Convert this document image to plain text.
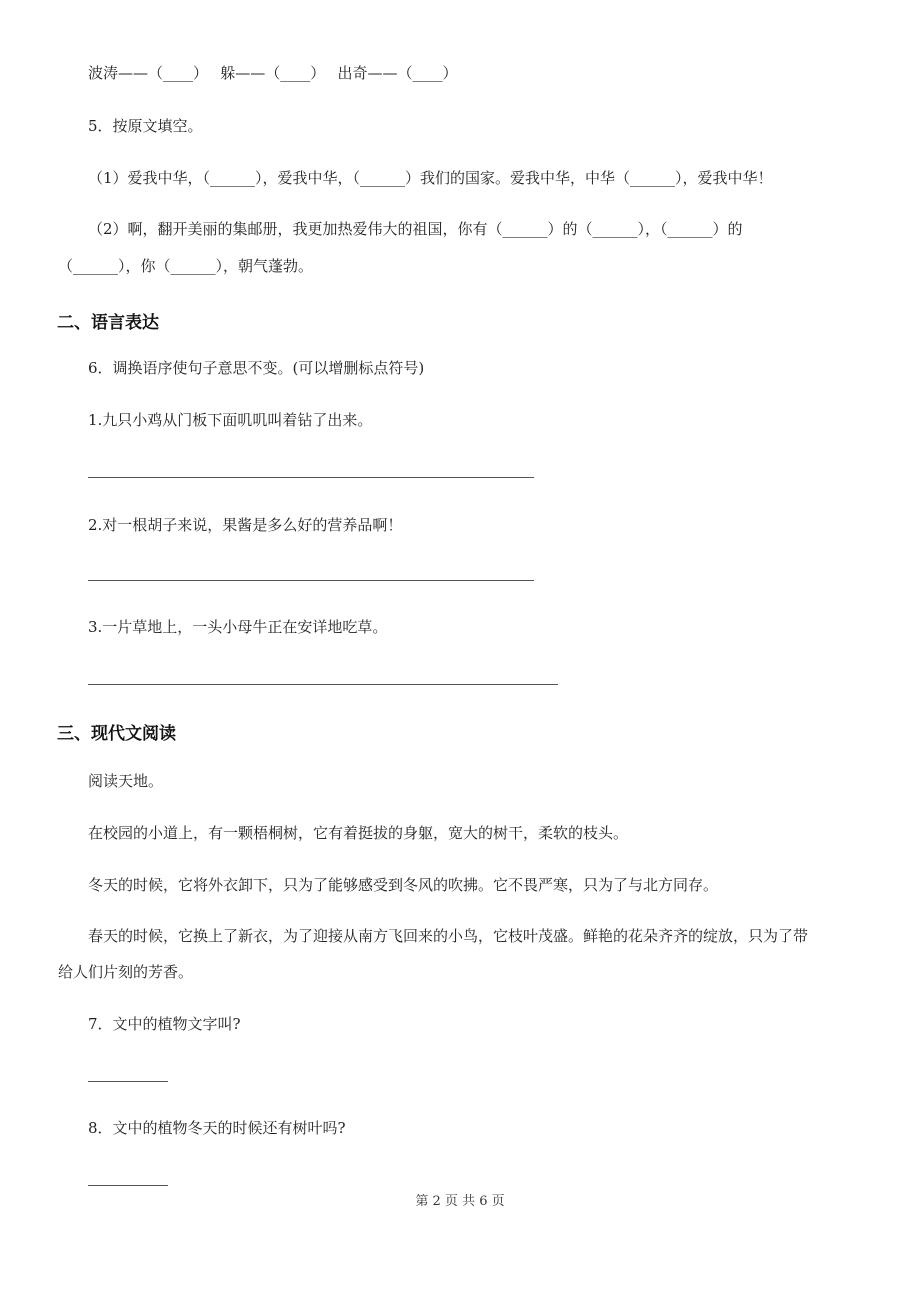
波涛——（____）　 躲——（____）　 出奇——（____）
5．按原文填空。
（1）爱我中华，（______），爱我中华，（______）我们的国家。爱我中华，中华（______），爱我中华！
（2）啊，翻开美丽的集邮册，我更加热爱伟大的祖国，你有（______）的（______），（______）的
（______），你（______），朝气蓬勃。
二、语言表达
6．调换语序使句子意思不变。(可以增删标点符号)
1.九只小鸡从门板下面叽叽叫着钻了出来。
2.对一根胡子来说，果酱是多么好的营养品啊！
3.一片草地上，一头小母牛正在安详地吃草。
三、现代文阅读
阅读天地。
在校园的小道上，有一颗梧桐树，它有着挺拔的身躯，宽大的树干，柔软的枝头。
冬天的时候，它将外衣卸下，只为了能够感受到冬风的吹拂。它不畏严寒，只为了与北方同存。
春天的时候，它换上了新衣，为了迎接从南方飞回来的小鸟，它枝叶茂盛。鲜艳的花朵齐齐的绽放，只为了带
给人们片刻的芳香。
7．文中的植物文字叫?
8．文中的植物冬天的时候还有树叶吗?
第 2 页 共 6 页
